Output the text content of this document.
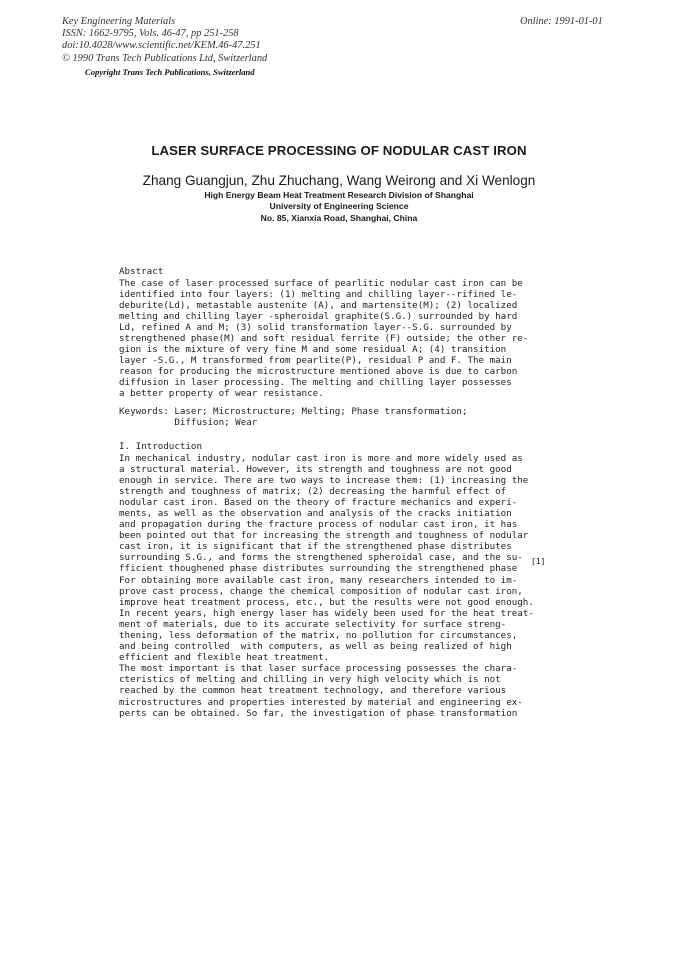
Key Engineering Materials
ISSN: 1662-9795, Vols. 46-47, pp 251-258
doi:10.4028/www.scientific.net/KEM.46-47.251
© 1990 Trans Tech Publications Ltd, Switzerland
Copyright Trans Tech Publications, Switzerland
Online: 1991-01-01
LASER SURFACE PROCESSING OF NODULAR CAST IRON
Zhang Guangjun, Zhu Zhuchang, Wang Weirong and Xi Wenlogn
High Energy Beam Heat Treatment Research Division of Shanghai
University of Engineering Science
No. 85, Xianxia Road, Shanghai, China
Abstract
The case of laser processed surface of pearlitic nodular cast iron can be
identified into four layers: (1) melting and chilling layer--rifined le-
deburite(Ld), metastable austenite (A), and martensite(M); (2) localized
melting and chilling layer -spheroidal graphite(S.G.) surrounded by hard
Ld, refined A and M; (3) solid transformation layer--S.G. surrounded by
strengthened phase(M) and soft residual ferrite (F) outside; the other re-
gion is the mixture of very fine M and some residual A; (4) transition
layer -S.G., M transformed from pearlite(P), residual P and F. The main
reason for producing the microstructure mentioned above is due to carbon
diffusion in laser processing. The melting and chilling layer possesses
a better property of wear resistance.
Keywords: Laser; Microstructure; Melting; Phase transformation;
Diffusion; Wear
I. Introduction
In mechanical industry, nodular cast iron is more and more widely used as
a structural material. However, its strength and toughness are not good
enough in service. There are two ways to increase them: (1) increasing the
strength and toughness of matrix; (2) decreasing the harmful effect of
nodular cast iron. Based on the theory of fracture mechanics and experi-
ments, as well as the observation and analysis of the cracks initiation
and propagation during the fracture process of nodular cast iron, it has
been pointed out that for increasing the strength and toughness of nodular
cast iron, it is significant that if the strengthened phase distributes
surrounding S.G., and forms the strengthened spheroidal case, and the su-
fficient thoughened phase distributes surrounding the strengthened phase
For obtaining more available cast iron, many researchers intended to im-
prove cast process, change the chemical composition of nodular cast iron,
improve heat treatment process, etc., but the results were not good enough.
In recent years, high energy laser has widely been used for the heat treat-
ment of materials, due to its accurate selectivity for surface streng-
thening, less deformation of the matrix, no pollution for circumstances,
and being controlled  with computers, as well as being realized of high
efficient and flexible heat treatment.
The most important is that laser surface processing possesses the chara-
cteristics of melting and chilling in very high velocity which is not
reached by the common heat treatment technology, and therefore various
microstructures and properties interested by material and engineering ex-
perts can be obtained. So far, the investigation of phase transformation
[1]
